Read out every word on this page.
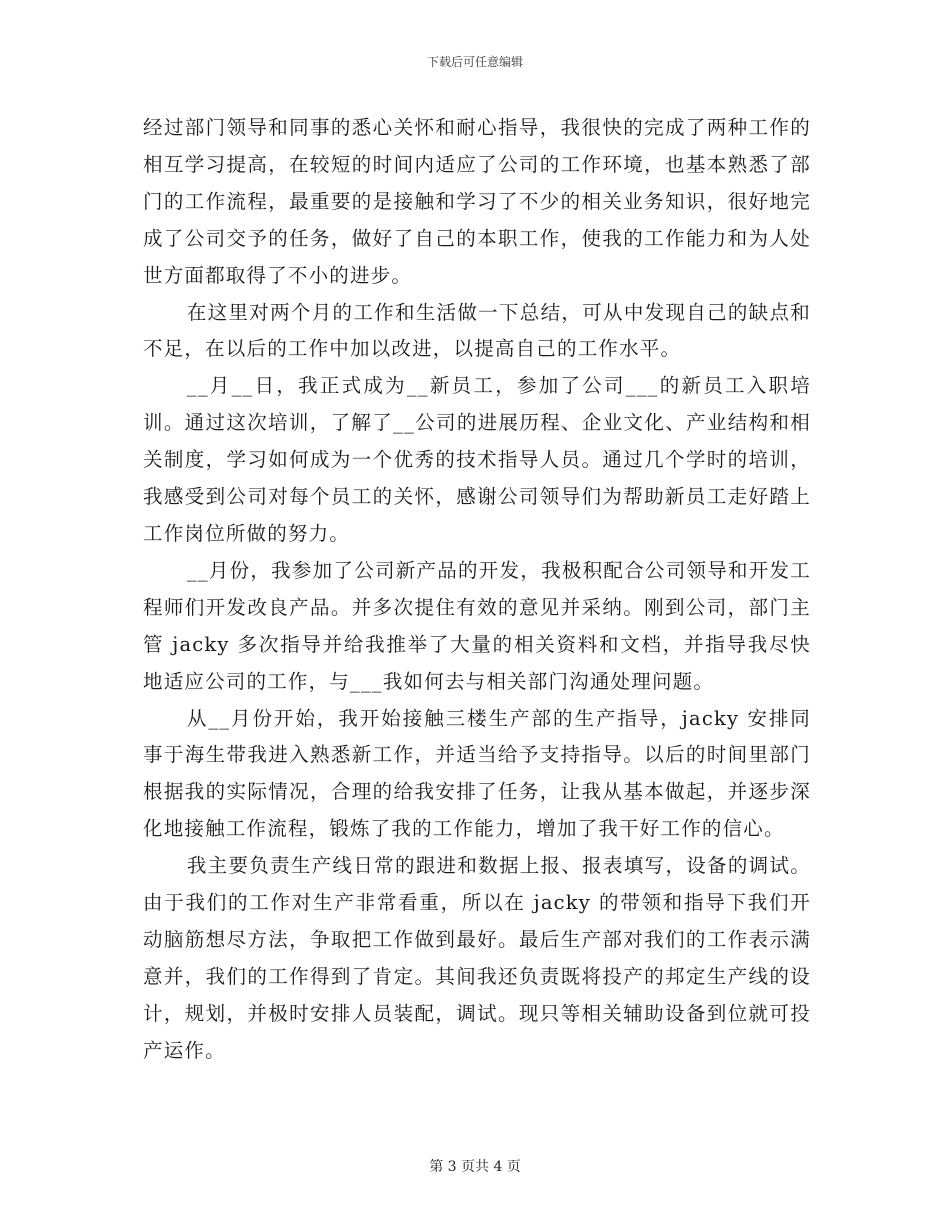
下载后可任意编辑

经过部门领导和同事的悉心关怀和耐心指导，我很快的完成了两种工作的相互学习提高，在较短的时间内适应了公司的工作环境，也基本熟悉了部门的工作流程，最重要的是接触和学习了不少的相关业务知识，很好地完成了公司交予的任务，做好了自己的本职工作，使我的工作能力和为人处世方面都取得了不小的进步。

在这里对两个月的工作和生活做一下总结，可从中发现自己的缺点和不足，在以后的工作中加以改进，以提高自己的工作水平。

__月__日，我正式成为__新员工，参加了公司___的新员工入职培训。通过这次培训，了解了__公司的进展历程、企业文化、产业结构和相关制度，学习如何成为一个优秀的技术指导人员。通过几个学时的培训，我感受到公司对每个员工的关怀，感谢公司领导们为帮助新员工走好踏上工作岗位所做的努力。

__月份，我参加了公司新产品的开发，我极积配合公司领导和开发工程师们开发改良产品。并多次提住有效的意见并采纳。刚到公司，部门主管 jacky 多次指导并给我推举了大量的相关资料和文档，并指导我尽快地适应公司的工作，与___我如何去与相关部门沟通处理问题。

从__月份开始，我开始接触三楼生产部的生产指导，jacky 安排同事于海生带我进入熟悉新工作，并适当给予支持指导。以后的时间里部门根据我的实际情况，合理的给我安排了任务，让我从基本做起，并逐步深化地接触工作流程，锻炼了我的工作能力，增加了我干好工作的信心。

我主要负责生产线日常的跟进和数据上报、报表填写，设备的调试。由于我们的工作对生产非常看重，所以在 jacky 的带领和指导下我们开动脑筋想尽方法，争取把工作做到最好。最后生产部对我们的工作表示满意并，我们的工作得到了肯定。其间我还负责既将投产的邦定生产线的设计，规划，并极时安排人员装配，调试。现只等相关辅助设备到位就可投产运作。

第 3 页共 4 页
